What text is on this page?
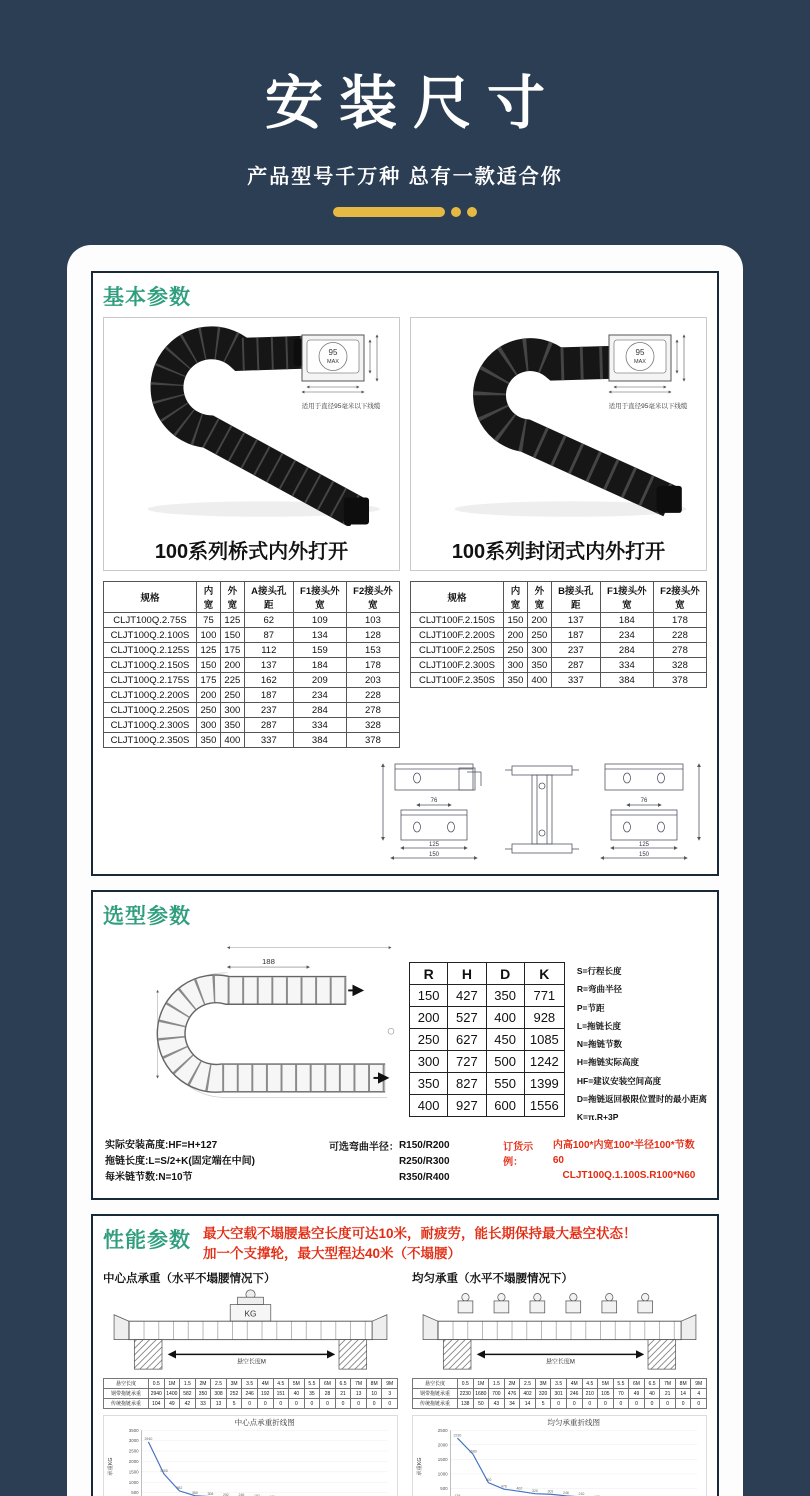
安装尺寸
产品型号千万种 总有一款适合你
基本参数
95
MAX
适用于直径95毫米以下线缆
100系列桥式内外打开
95
MAX
适用于直径95毫米以下线缆
100系列封闭式内外打开
规格	内宽	外宽	A接头孔距	F1接头外宽	F2接头外宽
CLJT100Q.2.75S	75	125	62	109	103
CLJT100Q.2.100S	100	150	87	134	128
CLJT100Q.2.125S	125	175	112	159	153
CLJT100Q.2.150S	150	200	137	184	178
CLJT100Q.2.175S	175	225	162	209	203
CLJT100Q.2.200S	200	250	187	234	228
CLJT100Q.2.250S	250	300	237	284	278
CLJT100Q.2.300S	300	350	287	334	328
CLJT100Q.2.350S	350	400	337	384	378
规格	内宽	外宽	B接头孔距	F1接头外宽	F2接头外宽
CLJT100F.2.150S	150	200	137	184	178
CLJT100F.2.200S	200	250	187	234	228
CLJT100F.2.250S	250	300	237	284	278
CLJT100F.2.300S	300	350	287	334	328
CLJT100F.2.350S	350	400	337	384	378
76
125
150
76
125
150
选型参数
188
R	H	D	K
150	427	350	771
200	527	400	928
250	627	450	1085
300	727	500	1242
350	827	550	1399
400	927	600	1556
S=行程长度
R=弯曲半径
P=节距
L=拖链长度
N=拖链节数
H=拖链实际高度
HF=建议安装空间高度
D=拖链返回极限位置时的最小距离
K=π.R+3P
实际安装高度:HF=H+127
拖链长度:L=S/2+K(固定端在中间)
每米链节数:N=10节
可选弯曲半径： R150/R200
R250/R300
R350/R400
订货示例：
内高100*内宽100*半径100*节数60
CLJT100Q.1.100S.R100*N60
性能参数 最大空载不塌腰悬空长度可达10米，耐疲劳，能长期保持最大悬空状态！
加一个支撑轮，最大型程达40米（不塌腰）
中心点承重（水平不塌腰情况下）
KG
悬空长度M
悬空长度	0.5	1M	1.5	2M	2.5	3M	3.5	4M	4.5	5M	5.5	6M	6.5	7M	8M	9M
钢带拖链承重	2940	1400	582	350	308	252	246	192	151	40	35	28	21	13	10	3
传统拖链承重	104	49	42	33	13	5	0	0	0	0	0	0	0	0	0	0
中心点承重折线图
500
1000
1500
2000
2500
3000
3500
承重KG
2940
1400
582
350 308 252 246
均匀承重（水平不塌腰情况下）
悬空长度M
悬空长度	0.5	1M	1.5	2M	2.5	3M	3.5	4M	4.5	5M	5.5	6M	6.5	7M	8M	9M
钢带拖链承重	2230	1680	700	476	402	320	301	246	210	105	70	49	40	21	14	4
传统拖链承重	138	50	43	34	14	5	0	0	0	0	0	0	0	0	0	0
均匀承重折线图
500
1000
1500
2000
2500
承重KG
2230
1680
700
476
402
320 301 246 210
